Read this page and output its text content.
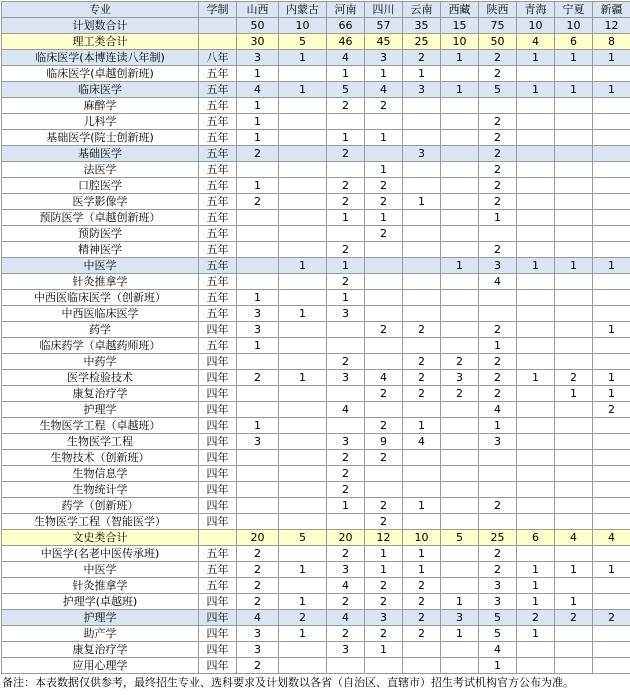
专业	学制	山西	内蒙古	河南	四川	云南	西藏	陕西	青海	宁夏	新疆
计划数合计		50	10	66	57	35	15	75	10	10	12
理工类合计		30	5	46	45	25	10	50	4	6	8
临床医学(本博连读八年制)	八年	3	1	4	3	2	1	2	1	1	1
临床医学(卓越创新班)	五年	1		1	1	1		2			
临床医学	五年	4	1	5	4	3	1	5	1	1	1
麻醉学	五年	1		2	2						
儿科学	五年	1						2			
基础医学(院士创新班)	五年	1		1	1			2			
基础医学	五年	2		2		3		2			
法医学	五年				1			2			
口腔医学	五年	1		2	2			2			
医学影像学	五年	2		2	2	1		2			
预防医学（卓越创新班）	五年			1	1			1			
预防医学	五年				2						
精神医学	五年			2				2			
中医学	五年		1	1			1	3	1	1	1
针灸推拿学	五年			2				4			
中西医临床医学（创新班）	五年	1		1							
中西医临床医学	五年	3	1	3							
药学	四年	3			2	2		2			1
临床药学（卓越药师班）	五年	1						1			
中药学	四年			2		2	2	2			
医学检验技术	四年	2	1	3	4	2	3	2	1	2	1
康复治疗学	四年				2	2	2	2		1	1
护理学	四年			4				4			2
生物医学工程（卓越班）	四年	1			2	1		1			
生物医学工程	四年	3		3	9	4		3			
生物技术（创新班）	四年			2	2						
生物信息学	四年			2							
生物统计学	四年			2							
药学（创新班）	四年			1	2	1		2			
生物医学工程（智能医学）	四年				2						
文史类合计		20	5	20	12	10	5	25	6	4	4
中医学(名老中医传承班)	五年	2		2	1	1		2			
中医学	五年	2	1	3	1	1		2	1	1	1
针灸推拿学	五年	2		4	2	2		3	1		
护理学(卓越班)	四年	2	1	2	2	2	1	3	1	1	
护理学	四年	4	2	4	3	2	3	5	2	2	2
助产学	四年	3	1	2	2	2	1	5	1		
康复治疗学	四年	3		3	1			4			
应用心理学	四年	2						1			
备注：本表数据仅供参考，最终招生专业、选科要求及计划数以各省（自治区、直辖市）招生考试机构官方公布为准。
